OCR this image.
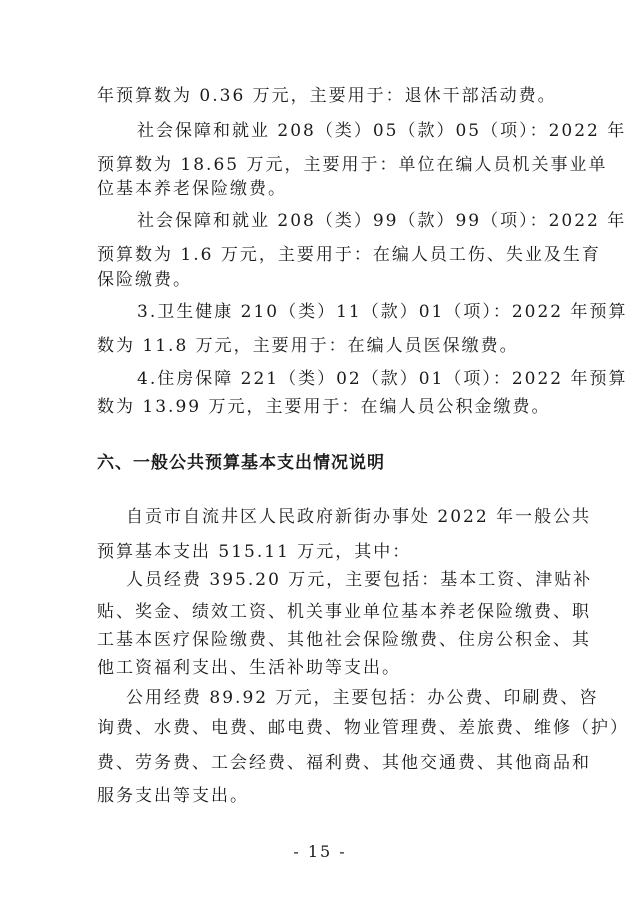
年预算数为 0.36 万元，主要用于：退休干部活动费。
社会保障和就业 208（类）05（款）05（项）：2022 年
预算数为 18.65 万元，主要用于：单位在编人员机关事业单
位基本养老保险缴费。
社会保障和就业 208（类）99（款）99（项）：2022 年
预算数为 1.6 万元，主要用于：在编人员工伤、失业及生育
保险缴费。
3.卫生健康 210（类）11（款）01（项）：2022 年预算
数为 11.8 万元，主要用于：在编人员医保缴费。
4.住房保障 221（类）02（款）01（项）：2022 年预算
数为 13.99 万元，主要用于：在编人员公积金缴费。
六、一般公共预算基本支出情况说明
自贡市自流井区人民政府新街办事处 2022 年一般公共
预算基本支出 515.11 万元，其中：
人员经费 395.20 万元，主要包括：基本工资、津贴补
贴、奖金、绩效工资、机关事业单位基本养老保险缴费、职
工基本医疗保险缴费、其他社会保险缴费、住房公积金、其
他工资福利支出、生活补助等支出。
公用经费 89.92 万元，主要包括：办公费、印刷费、咨
询费、水费、电费、邮电费、物业管理费、差旅费、维修（护）
费、劳务费、工会经费、福利费、其他交通费、其他商品和
服务支出等支出。
- 15 -
